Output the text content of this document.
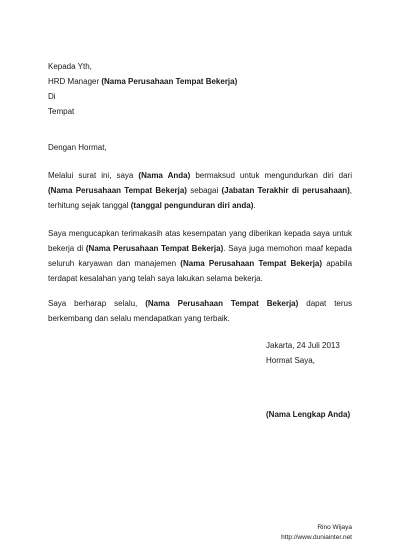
Kepada Yth,
HRD Manager (Nama Perusahaan Tempat Bekerja)
Di
Tempat
Dengan Hormat,
Melalui surat ini, saya (Nama Anda) bermaksud untuk mengundurkan diri dari
(Nama Perusahaan Tempat Bekerja) sebagai (Jabatan Terakhir di perusahaan),
terhitung sejak tanggal (tanggal pengunduran diri anda).
Saya mengucapkan terimakasih atas kesempatan yang diberikan kepada saya untuk
bekerja di (Nama Perusahaan Tempat Bekerja). Saya juga memohon maaf kepada
seluruh karyawan dan manajemen (Nama Perusahaan Tempat Bekerja) apabila
terdapat kesalahan yang telah saya lakukan selama bekerja.
Saya berharap selalu, (Nama Perusahaan Tempat Bekerja) dapat terus
berkembang dan selalu mendapatkan yang terbaik.
Jakarta, 24 Juli 2013
Hormat Saya,
(Nama Lengkap Anda)
Rino Wijaya
http://www.duniainter.net
